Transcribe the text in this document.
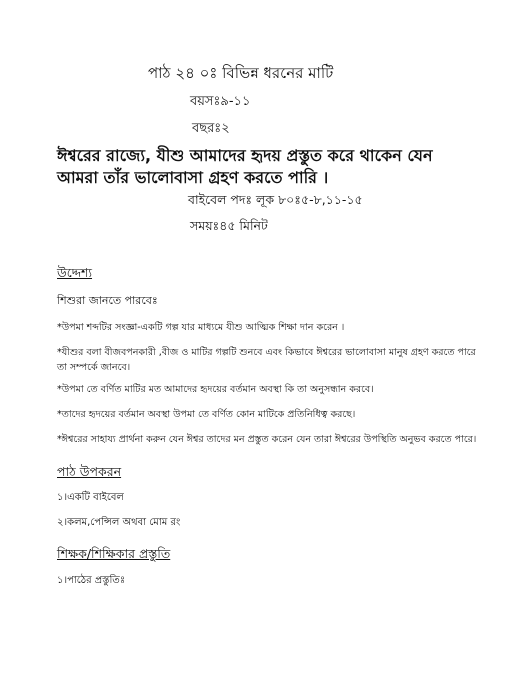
পাঠ ২৪ ০ঃ বিভিন্ন ধরনের মাটি
বয়সঃ৯-১১
বছরঃ২
ঈশ্বরের রাজ্যে, যীশু আমাদের হৃদয় প্রস্তুত করে থাকেন যেন আমরা তাঁর ভালোবাসা গ্রহণ করতে পারি ।
বাইবেল পদঃ লূক ৮০ঃ৫-৮,১১-১৫
সময়ঃ৪৫ মিনিট
উদ্দেশ্য
শিশুরা জানতে পারবেঃ
*উপমা শব্দটির সংজ্ঞা-একটি গল্প যার মাধ্যমে যীশু আত্মিক শিক্ষা দান করেন ।
*যীশুর বলা বীজবপনকারী ,বীজ ও মাটির গল্পটি শুনবে এবং কিভাবে ঈশ্বরের ভালোবাসা মানুষ গ্রহণ করতে পারে তা সম্পর্কে জানবে।
*উপমা তে বর্ণিত মাটির মত আমাদের হৃদয়ের বর্তমান অবস্থা কি তা অনুসন্ধান করবে।
*তাদের হৃদয়ের বর্তমান অবস্থা উপমা তে বর্ণিত কোন মাটিকে প্রতিনিধিত্ব করছে।
*ঈশ্বরের সাহায্য প্রার্থনা করুন যেন ঈশ্বর তাদের মন প্রস্তুত করেন যেন তারা ঈশ্বরের উপস্থিতি অনুভব করতে পারে।
পাঠ উপকরন
১।একটি বাইবেল
২।কলম,পেন্সিল অথবা মোম রং
শিক্ষক/শিক্ষিকার প্রস্তুতি
১।পাঠের প্রস্তুতিঃ
